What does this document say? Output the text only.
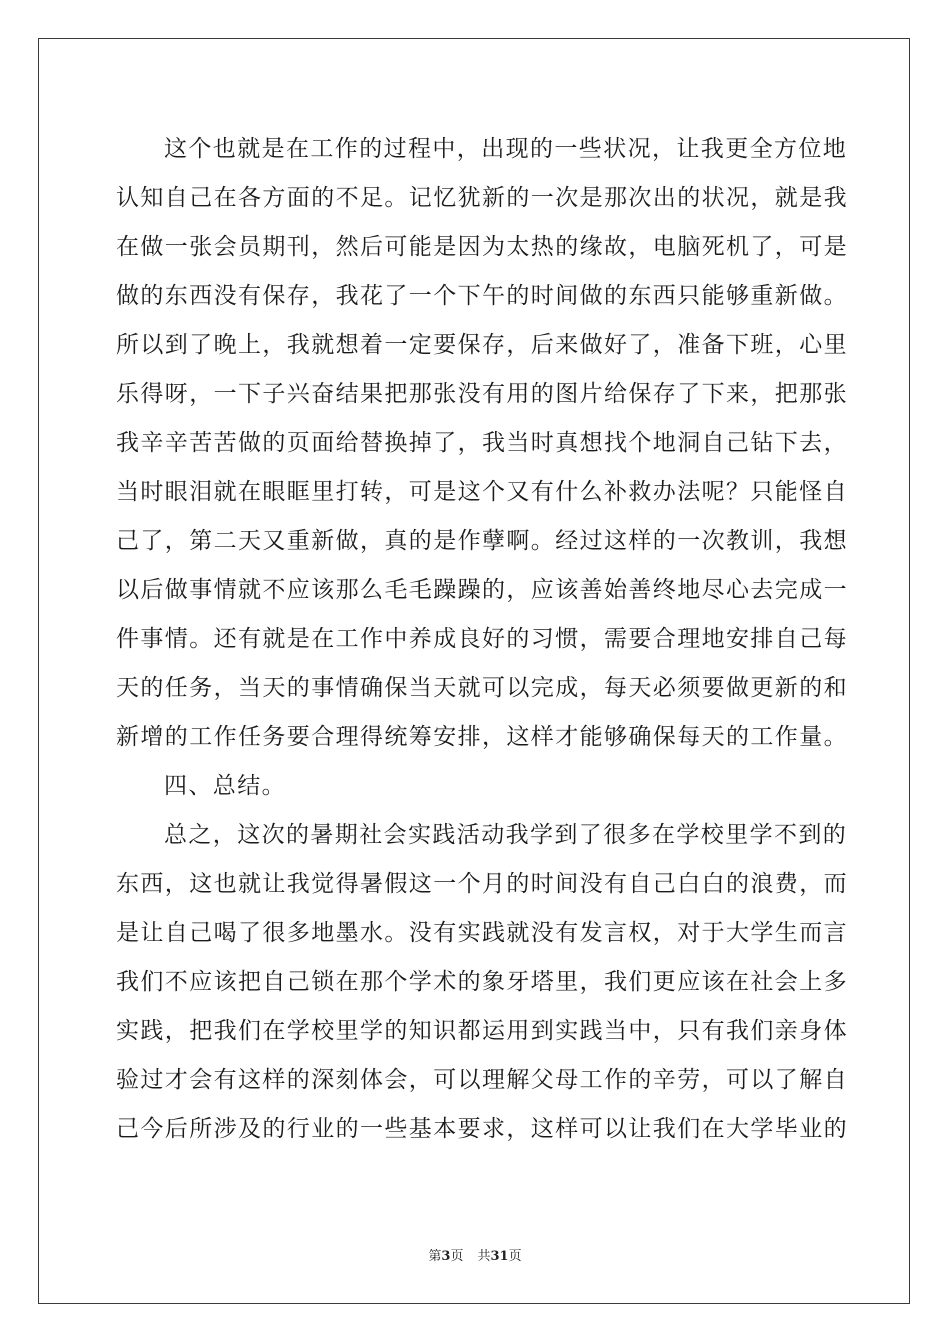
这个也就是在工作的过程中，出现的一些状况，让我更全方位地
认知自己在各方面的不足。记忆犹新的一次是那次出的状况，就是我
在做一张会员期刊，然后可能是因为太热的缘故，电脑死机了，可是
做的东西没有保存，我花了一个下午的时间做的东西只能够重新做。
所以到了晚上，我就想着一定要保存，后来做好了，准备下班，心里
乐得呀，一下子兴奋结果把那张没有用的图片给保存了下来，把那张
我辛辛苦苦做的页面给替换掉了，我当时真想找个地洞自己钻下去，
当时眼泪就在眼眶里打转，可是这个又有什么补救办法呢？只能怪自
己了，第二天又重新做，真的是作孽啊。经过这样的一次教训，我想
以后做事情就不应该那么毛毛躁躁的，应该善始善终地尽心去完成一
件事情。还有就是在工作中养成良好的习惯，需要合理地安排自己每
天的任务，当天的事情确保当天就可以完成，每天必须要做更新的和
新增的工作任务要合理得统筹安排，这样才能够确保每天的工作量。
四、总结。
总之，这次的暑期社会实践活动我学到了很多在学校里学不到的
东西，这也就让我觉得暑假这一个月的时间没有自己白白的浪费，而
是让自己喝了很多地墨水。没有实践就没有发言权，对于大学生而言
我们不应该把自己锁在那个学术的象牙塔里，我们更应该在社会上多
实践，把我们在学校里学的知识都运用到实践当中，只有我们亲身体
验过才会有这样的深刻体会，可以理解父母工作的辛劳，可以了解自
己今后所涉及的行业的一些基本要求，这样可以让我们在大学毕业的
第3页 共31页
